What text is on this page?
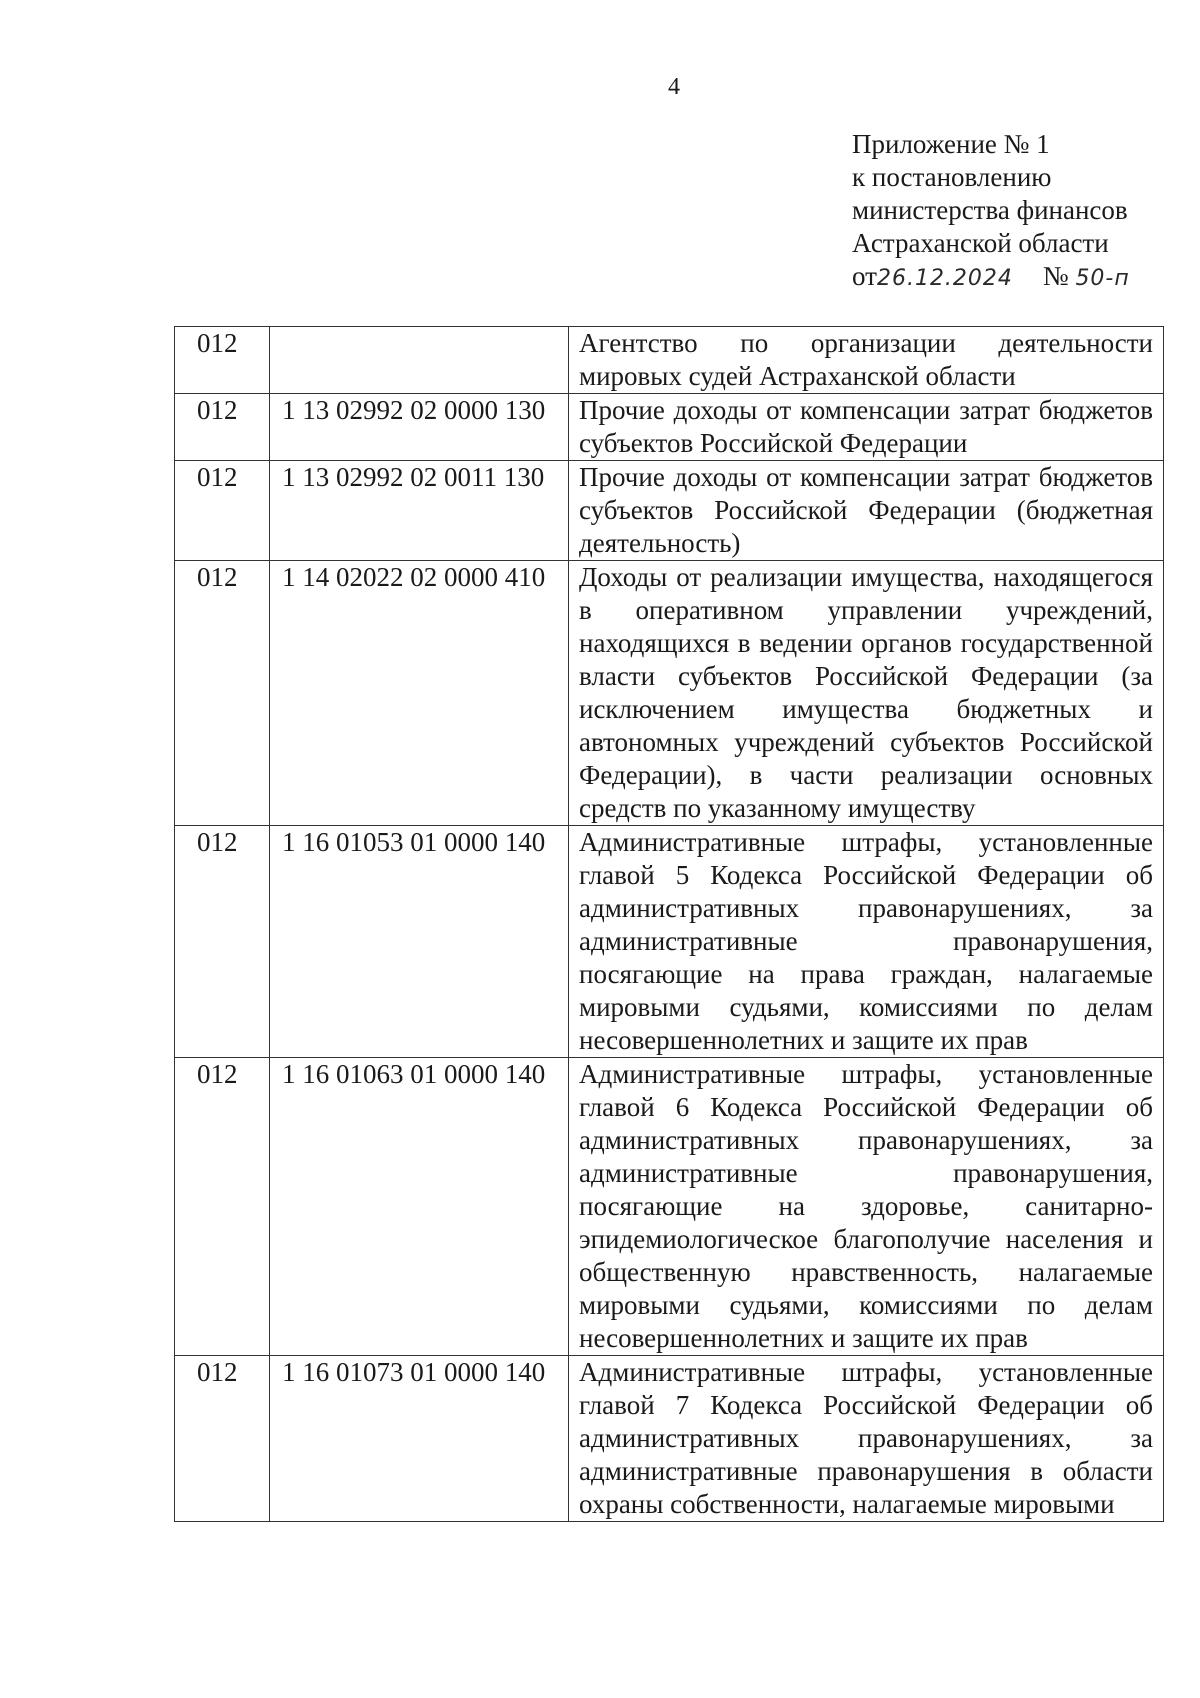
4
Приложение № 1
к постановлению
министерства финансов
Астраханской области
от26.12.2024 № 50-п
012		Агентство по организации деятельности мировых судей Астраханской области
012	1 13 02992 02 0000 130	Прочие доходы от компенсации затрат бюджетов субъектов Российской Федерации
012	1 13 02992 02 0011 130	Прочие доходы от компенсации затрат бюджетов субъектов Российской Федерации (бюджетная деятельность)
012	1 14 02022 02 0000 410	Доходы от реализации имущества, находящегося в оперативном управлении учреждений, находящихся в ведении органов государственной власти субъектов Российской Федерации (за исключением имущества бюджетных и автономных учреждений субъектов Российской Федерации), в части реализации основных средств по указанному имуществу
012	1 16 01053 01 0000 140	Административные штрафы, установленные главой 5 Кодекса Российской Федерации об административных правонарушениях, за административные правонарушения, посягающие на права граждан, налагаемые мировыми судьями, комиссиями по делам несовершеннолетних и защите их прав
012	1 16 01063 01 0000 140	Административные штрафы, установленные главой 6 Кодекса Российской Федерации об административных правонарушениях, за административные правонарушения, посягающие на здоровье, санитарно-эпидемиологическое благополучие населения и общественную нравственность, налагаемые мировыми судьями, комиссиями по делам несовершеннолетних и защите их прав
012	1 16 01073 01 0000 140	Административные штрафы, установленные главой 7 Кодекса Российской Федерации об административных правонарушениях, за административные правонарушения в области охраны собственности, налагаемые мировыми
